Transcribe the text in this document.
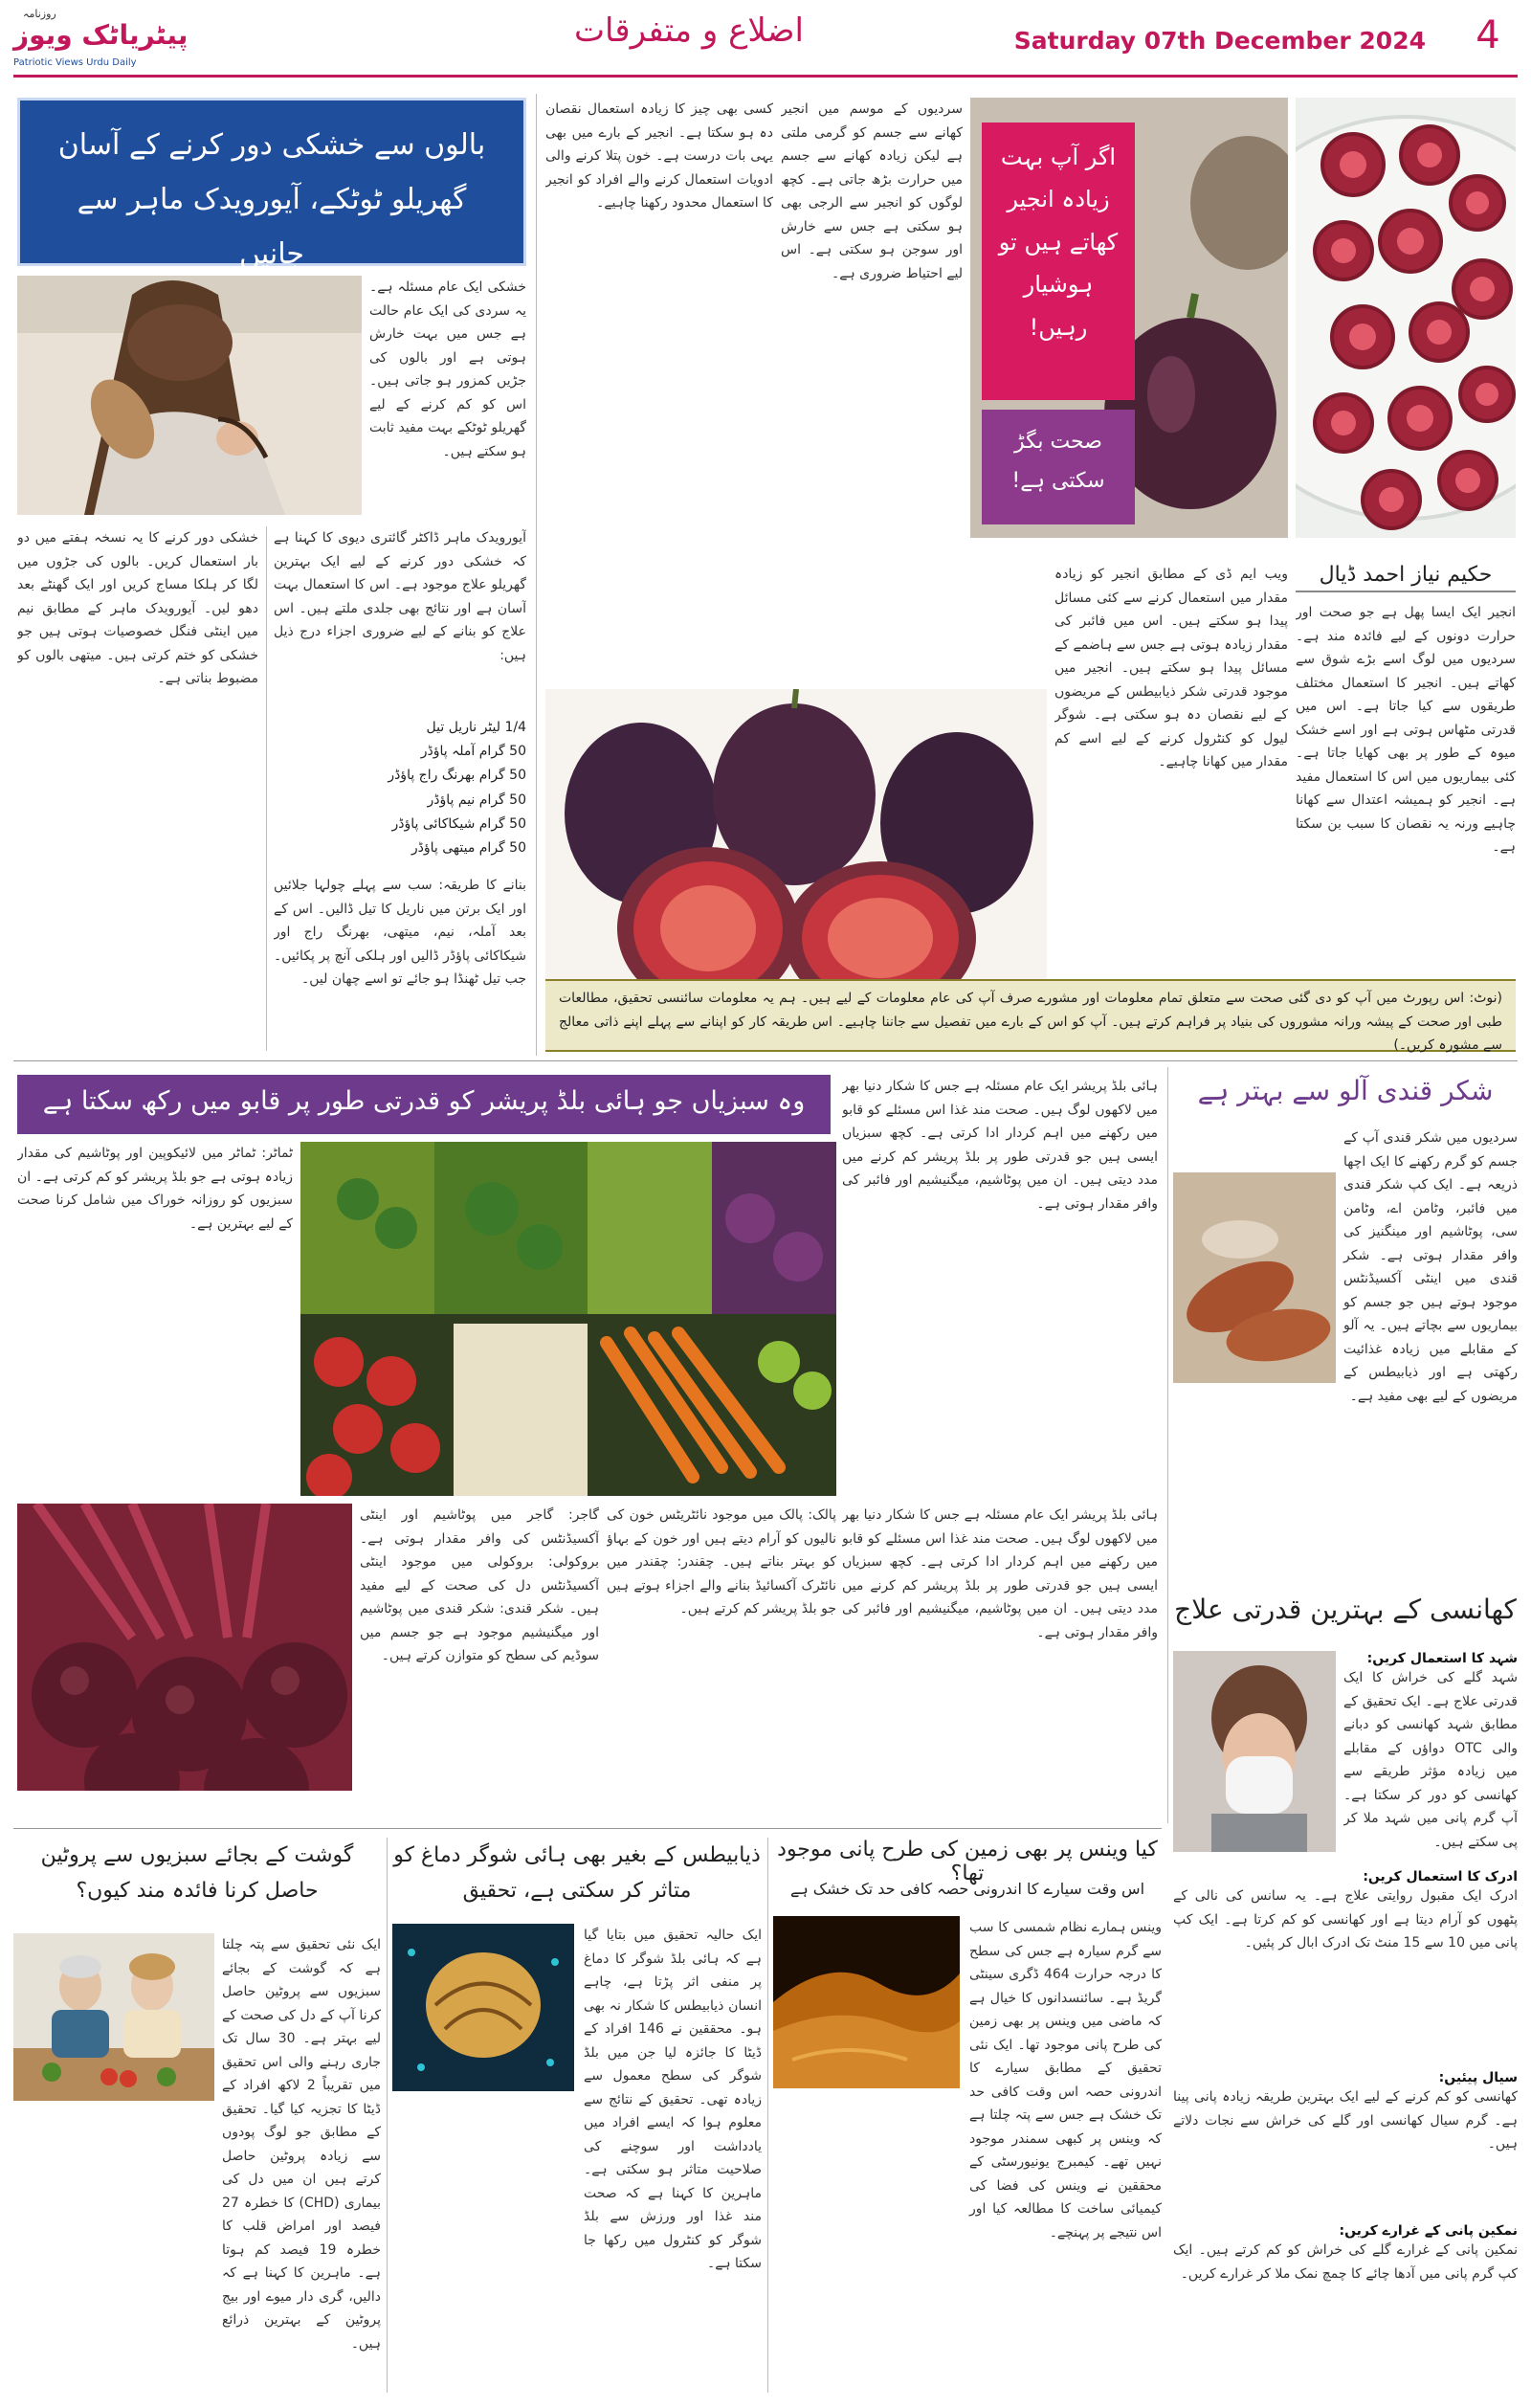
روزنامہ
پیٹریاٹک ویوز
Patriotic Views Urdu Daily
اضلاع و متفرقات	Saturday 07th December 2024	4
بالوں سے خشکی دور کرنے کے آسان گھریلو ٹوٹکے، آیورویدک ماہر سے جانیں
خشکی ایک عام مسئلہ ہے۔ یہ سردی کی ایک عام حالت ہے جس میں بہت خارش ہوتی ہے اور بالوں کی جڑیں کمزور ہو جاتی ہیں۔ اس کو کم کرنے کے لیے گھریلو ٹوٹکے بہت مفید ثابت ہو سکتے ہیں۔
آیورویدک ماہر ڈاکٹر گائتری دیوی کا کہنا ہے کہ خشکی دور کرنے کے لیے ایک بہترین گھریلو علاج موجود ہے۔ اس کا استعمال بہت آسان ہے اور نتائج بھی جلدی ملتے ہیں۔ اس علاج کو بنانے کے لیے ضروری اجزاء درج ذیل ہیں:
1/4 لیٹر ناریل تیل
50 گرام آملہ پاؤڈر
50 گرام بھرنگ راج پاؤڈر
50 گرام نیم پاؤڈر
50 گرام شیکاکائی پاؤڈر
50 گرام میتھی پاؤڈر
بنانے کا طریقہ: سب سے پہلے چولہا جلائیں اور ایک برتن میں ناریل کا تیل ڈالیں۔ اس کے بعد آملہ، نیم، میتھی، بھرنگ راج اور شیکاکائی پاؤڈر ڈالیں اور ہلکی آنچ پر پکائیں۔ جب تیل ٹھنڈا ہو جائے تو اسے چھان لیں۔
خشکی دور کرنے کا یہ نسخہ ہفتے میں دو بار استعمال کریں۔ بالوں کی جڑوں میں لگا کر ہلکا مساج کریں اور ایک گھنٹے بعد دھو لیں۔ آیورویدک ماہر کے مطابق نیم میں اینٹی فنگل خصوصیات ہوتی ہیں جو خشکی کو ختم کرتی ہیں۔ میتھی بالوں کو مضبوط بناتی ہے۔
کسی بھی چیز کا زیادہ استعمال نقصان دہ ہو سکتا ہے۔ انجیر کے بارے میں بھی یہی بات درست ہے۔ خون پتلا کرنے والی ادویات استعمال کرنے والے افراد کو انجیر کا استعمال محدود رکھنا چاہیے۔
سردیوں کے موسم میں انجیر کھانے سے جسم کو گرمی ملتی ہے لیکن زیادہ کھانے سے جسم میں حرارت بڑھ جاتی ہے۔ کچھ لوگوں کو انجیر سے الرجی بھی ہو سکتی ہے جس سے خارش اور سوجن ہو سکتی ہے۔ اس لیے احتیاط ضروری ہے۔
اگر آپ بہت زیادہ انجیر کھاتے ہیں تو ہوشیار رہیں!
صحت بگڑ سکتی ہے!
حکیم نیاز احمد ڈیال
انجیر ایک ایسا پھل ہے جو صحت اور حرارت دونوں کے لیے فائدہ مند ہے۔ سردیوں میں لوگ اسے بڑے شوق سے کھاتے ہیں۔ انجیر کا استعمال مختلف طریقوں سے کیا جاتا ہے۔ اس میں قدرتی مٹھاس ہوتی ہے اور اسے خشک میوہ کے طور پر بھی کھایا جاتا ہے۔ کئی بیماریوں میں اس کا استعمال مفید ہے۔ انجیر کو ہمیشہ اعتدال سے کھانا چاہیے ورنہ یہ نقصان کا سبب بن سکتا ہے۔
ویب ایم ڈی کے مطابق انجیر کو زیادہ مقدار میں استعمال کرنے سے کئی مسائل پیدا ہو سکتے ہیں۔ اس میں فائبر کی مقدار زیادہ ہوتی ہے جس سے ہاضمے کے مسائل پیدا ہو سکتے ہیں۔ انجیر میں موجود قدرتی شکر ذیابیطس کے مریضوں کے لیے نقصان دہ ہو سکتی ہے۔ شوگر لیول کو کنٹرول کرنے کے لیے اسے کم مقدار میں کھانا چاہیے۔
(نوٹ: اس رپورٹ میں آپ کو دی گئی صحت سے متعلق تمام معلومات اور مشورے صرف آپ کی عام معلومات کے لیے ہیں۔ ہم یہ معلومات سائنسی تحقیق، مطالعات طبی اور صحت کے پیشہ ورانہ مشوروں کی بنیاد پر فراہم کرتے ہیں۔ آپ کو اس کے بارے میں تفصیل سے جاننا چاہیے۔ اس طریقہ کار کو اپنانے سے پہلے اپنے ذاتی معالج سے مشورہ کریں۔)
وہ سبزیاں جو ہائی بلڈ پریشر کو قدرتی طور پر قابو میں رکھ سکتا ہے
ٹماٹر: ٹماٹر میں لائیکوپین اور پوٹاشیم کی مقدار زیادہ ہوتی ہے جو بلڈ پریشر کو کم کرتی ہے۔ ان سبزیوں کو روزانہ خوراک میں شامل کرنا صحت کے لیے بہترین ہے۔
ہائی بلڈ پریشر ایک عام مسئلہ ہے جس کا شکار دنیا بھر میں لاکھوں لوگ ہیں۔ صحت مند غذا اس مسئلے کو قابو میں رکھنے میں اہم کردار ادا کرتی ہے۔ کچھ سبزیاں ایسی ہیں جو قدرتی طور پر بلڈ پریشر کم کرنے میں مدد دیتی ہیں۔ ان میں پوٹاشیم، میگنیشیم اور فائبر کی وافر مقدار ہوتی ہے۔
گاجر: گاجر میں پوٹاشیم اور اینٹی آکسیڈنٹس کی وافر مقدار ہوتی ہے۔ بروکولی: بروکولی میں موجود اینٹی آکسیڈنٹس دل کی صحت کے لیے مفید ہیں۔ شکر قندی: شکر قندی میں پوٹاشیم اور میگنیشیم موجود ہے جو جسم میں سوڈیم کی سطح کو متوازن کرتے ہیں۔
پالک: پالک میں موجود نائٹریٹس خون کی نالیوں کو آرام دیتے ہیں اور خون کے بہاؤ کو بہتر بناتے ہیں۔ چقندر: چقندر میں نائٹرک آکسائیڈ بنانے والے اجزاء ہوتے ہیں جو بلڈ پریشر کم کرتے ہیں۔
ہائی بلڈ پریشر ایک عام مسئلہ ہے جس کا شکار دنیا بھر میں لاکھوں لوگ ہیں۔ صحت مند غذا اس مسئلے کو قابو میں رکھنے میں اہم کردار ادا کرتی ہے۔ کچھ سبزیاں ایسی ہیں جو قدرتی طور پر بلڈ پریشر کم کرنے میں مدد دیتی ہیں۔ ان میں پوٹاشیم، میگنیشیم اور فائبر کی وافر مقدار ہوتی ہے۔
شکر قندی آلو سے بہتر ہے
سردیوں میں شکر قندی آپ کے جسم کو گرم رکھنے کا ایک اچھا ذریعہ ہے۔ ایک کپ شکر قندی میں فائبر، وٹامن اے، وٹامن سی، پوٹاشیم اور مینگنیز کی وافر مقدار ہوتی ہے۔ شکر قندی میں اینٹی آکسیڈنٹس موجود ہوتے ہیں جو جسم کو بیماریوں سے بچاتے ہیں۔ یہ آلو کے مقابلے میں زیادہ غذائیت رکھتی ہے اور ذیابیطس کے مریضوں کے لیے بھی مفید ہے۔
کھانسی کے بہترین قدرتی علاج
شہد کا استعمال کریں:
شہد گلے کی خراش کا ایک قدرتی علاج ہے۔ ایک تحقیق کے مطابق شہد کھانسی کو دبانے والی OTC دواؤں کے مقابلے میں زیادہ مؤثر طریقے سے کھانسی کو دور کر سکتا ہے۔ آپ گرم پانی میں شہد ملا کر پی سکتے ہیں۔
ادرک کا استعمال کریں:
ادرک ایک مقبول روایتی علاج ہے۔ یہ سانس کی نالی کے پٹھوں کو آرام دیتا ہے اور کھانسی کو کم کرتا ہے۔ ایک کپ پانی میں 10 سے 15 منٹ تک ادرک ابال کر پئیں۔
سیال پیئیں:
کھانسی کو کم کرنے کے لیے ایک بہترین طریقہ زیادہ پانی پینا ہے۔ گرم سیال کھانسی اور گلے کی خراش سے نجات دلاتے ہیں۔
نمکین پانی کے غرارے کریں:
نمکین پانی کے غرارے گلے کی خراش کو کم کرتے ہیں۔ ایک کپ گرم پانی میں آدھا چائے کا چمچ نمک ملا کر غرارے کریں۔
کیا وینس پر بھی زمین کی طرح پانی موجود تھا؟
اس وقت سیارے کا اندرونی حصہ کافی حد تک خشک ہے
وینس ہمارے نظام شمسی کا سب سے گرم سیارہ ہے جس کی سطح کا درجہ حرارت 464 ڈگری سینٹی گریڈ ہے۔ سائنسدانوں کا خیال ہے کہ ماضی میں وینس پر بھی زمین کی طرح پانی موجود تھا۔ ایک نئی تحقیق کے مطابق سیارے کا اندرونی حصہ اس وقت کافی حد تک خشک ہے جس سے پتہ چلتا ہے کہ وینس پر کبھی سمندر موجود نہیں تھے۔ کیمبرج یونیورسٹی کے محققین نے وینس کی فضا کی کیمیائی ساخت کا مطالعہ کیا اور اس نتیجے پر پہنچے۔
ذیابیطس کے بغیر بھی ہائی شوگر دماغ کو متاثر کر سکتی ہے، تحقیق
ایک حالیہ تحقیق میں بتایا گیا ہے کہ ہائی بلڈ شوگر کا دماغ پر منفی اثر پڑتا ہے، چاہے انسان ذیابیطس کا شکار نہ بھی ہو۔ محققین نے 146 افراد کے ڈیٹا کا جائزہ لیا جن میں بلڈ شوگر کی سطح معمول سے زیادہ تھی۔ تحقیق کے نتائج سے معلوم ہوا کہ ایسے افراد میں یادداشت اور سوچنے کی صلاحیت متاثر ہو سکتی ہے۔ ماہرین کا کہنا ہے کہ صحت مند غذا اور ورزش سے بلڈ شوگر کو کنٹرول میں رکھا جا سکتا ہے۔
گوشت کے بجائے سبزیوں سے پروٹین حاصل کرنا فائدہ مند کیوں؟
ایک نئی تحقیق سے پتہ چلتا ہے کہ گوشت کے بجائے سبزیوں سے پروٹین حاصل کرنا آپ کے دل کی صحت کے لیے بہتر ہے۔ 30 سال تک جاری رہنے والی اس تحقیق میں تقریباً 2 لاکھ افراد کے ڈیٹا کا تجزیہ کیا گیا۔ تحقیق کے مطابق جو لوگ پودوں سے زیادہ پروٹین حاصل کرتے ہیں ان میں دل کی بیماری (CHD) کا خطرہ 27 فیصد اور امراض قلب کا خطرہ 19 فیصد کم ہوتا ہے۔ ماہرین کا کہنا ہے کہ دالیں، گری دار میوے اور بیج پروٹین کے بہترین ذرائع ہیں۔
